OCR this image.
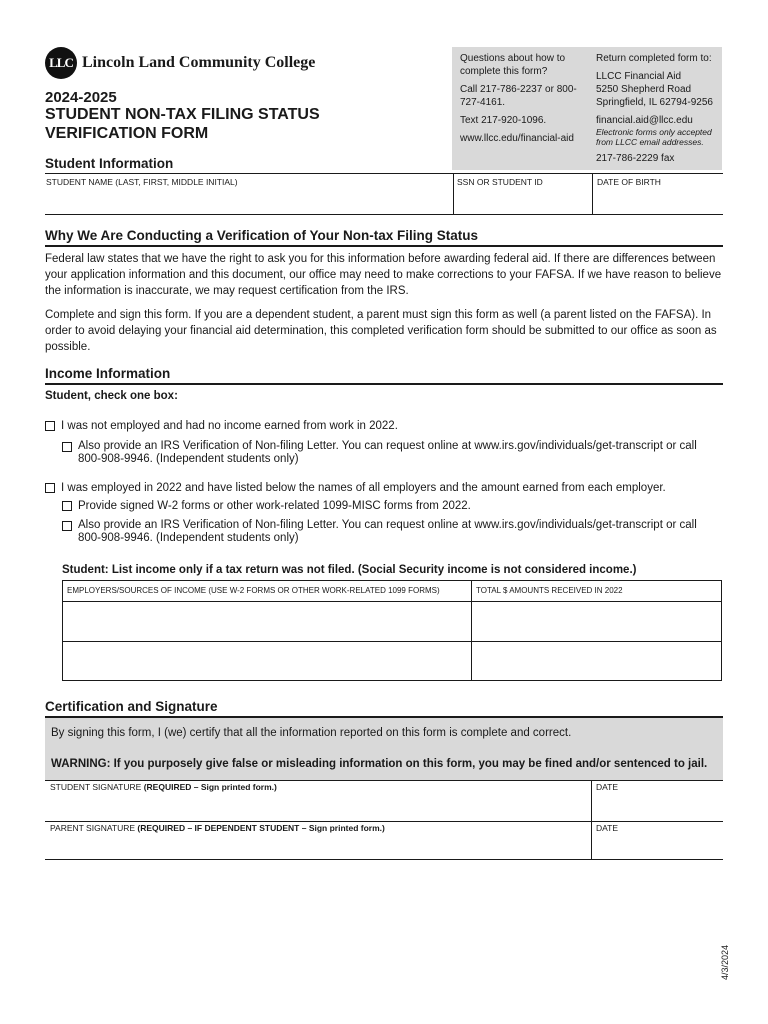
LLC Lincoln Land Community College
2024-2025
STUDENT NON-TAX FILING STATUS
VERIFICATION FORM

Questions about how to complete this form?

Call 217-786-2237 or 800-727-4161.

Text 217-920-1096.

www.llcc.edu/financial-aid

Return completed form to:

LLCC Financial Aid

5250 Shepherd Road

Springfield, IL 62794-9256

financial.aid@llcc.edu

Electronic forms only accepted from LLCC email addresses.

217-786-2229 fax

Student Information
STUDENT NAME (LAST, FIRST, MIDDLE INITIAL)	SSN OR STUDENT ID	DATE OF BIRTH
Why We Are Conducting a Verification of Your Non-tax Filing Status
Federal law states that we have the right to ask you for this information before awarding federal aid. If there are differences between your application information and this document, our office may need to make corrections to your FAFSA. If we have reason to believe the information is inaccurate, we may request certification from the IRS.
Complete and sign this form. If you are a dependent student, a parent must sign this form as well (a parent listed on the FAFSA). In order to avoid delaying your financial aid determination, this completed verification form should be submitted to our office as soon as possible.
Income Information
Student, check one box:
I was not employed and had no income earned from work in 2022.
Also provide an IRS Verification of Non-filing Letter. You can request online at www.irs.gov/individuals/get-transcript or call 800-908-9946. (Independent students only)
I was employed in 2022 and have listed below the names of all employers and the amount earned from each employer.
Provide signed W-2 forms or other work-related 1099-MISC forms from 2022.
Also provide an IRS Verification of Non-filing Letter. You can request online at www.irs.gov/individuals/get-transcript or call 800-908-9946. (Independent students only)
Student: List income only if a tax return was not filed. (Social Security income is not considered income.)
EMPLOYERS/SOURCES OF INCOME (USE W-2 FORMS OR OTHER WORK-RELATED 1099 FORMS)	TOTAL $ AMOUNTS RECEIVED IN 2022
Certification and Signature
By signing this form, I (we) certify that all the information reported on this form is complete and correct.
WARNING: If you purposely give false or misleading information on this form, you may be fined and/or sentenced to jail.
STUDENT SIGNATURE (REQUIRED – Sign printed form.)	DATE
PARENT SIGNATURE (REQUIRED – IF DEPENDENT STUDENT – Sign printed form.)	DATE
4/3/2024
